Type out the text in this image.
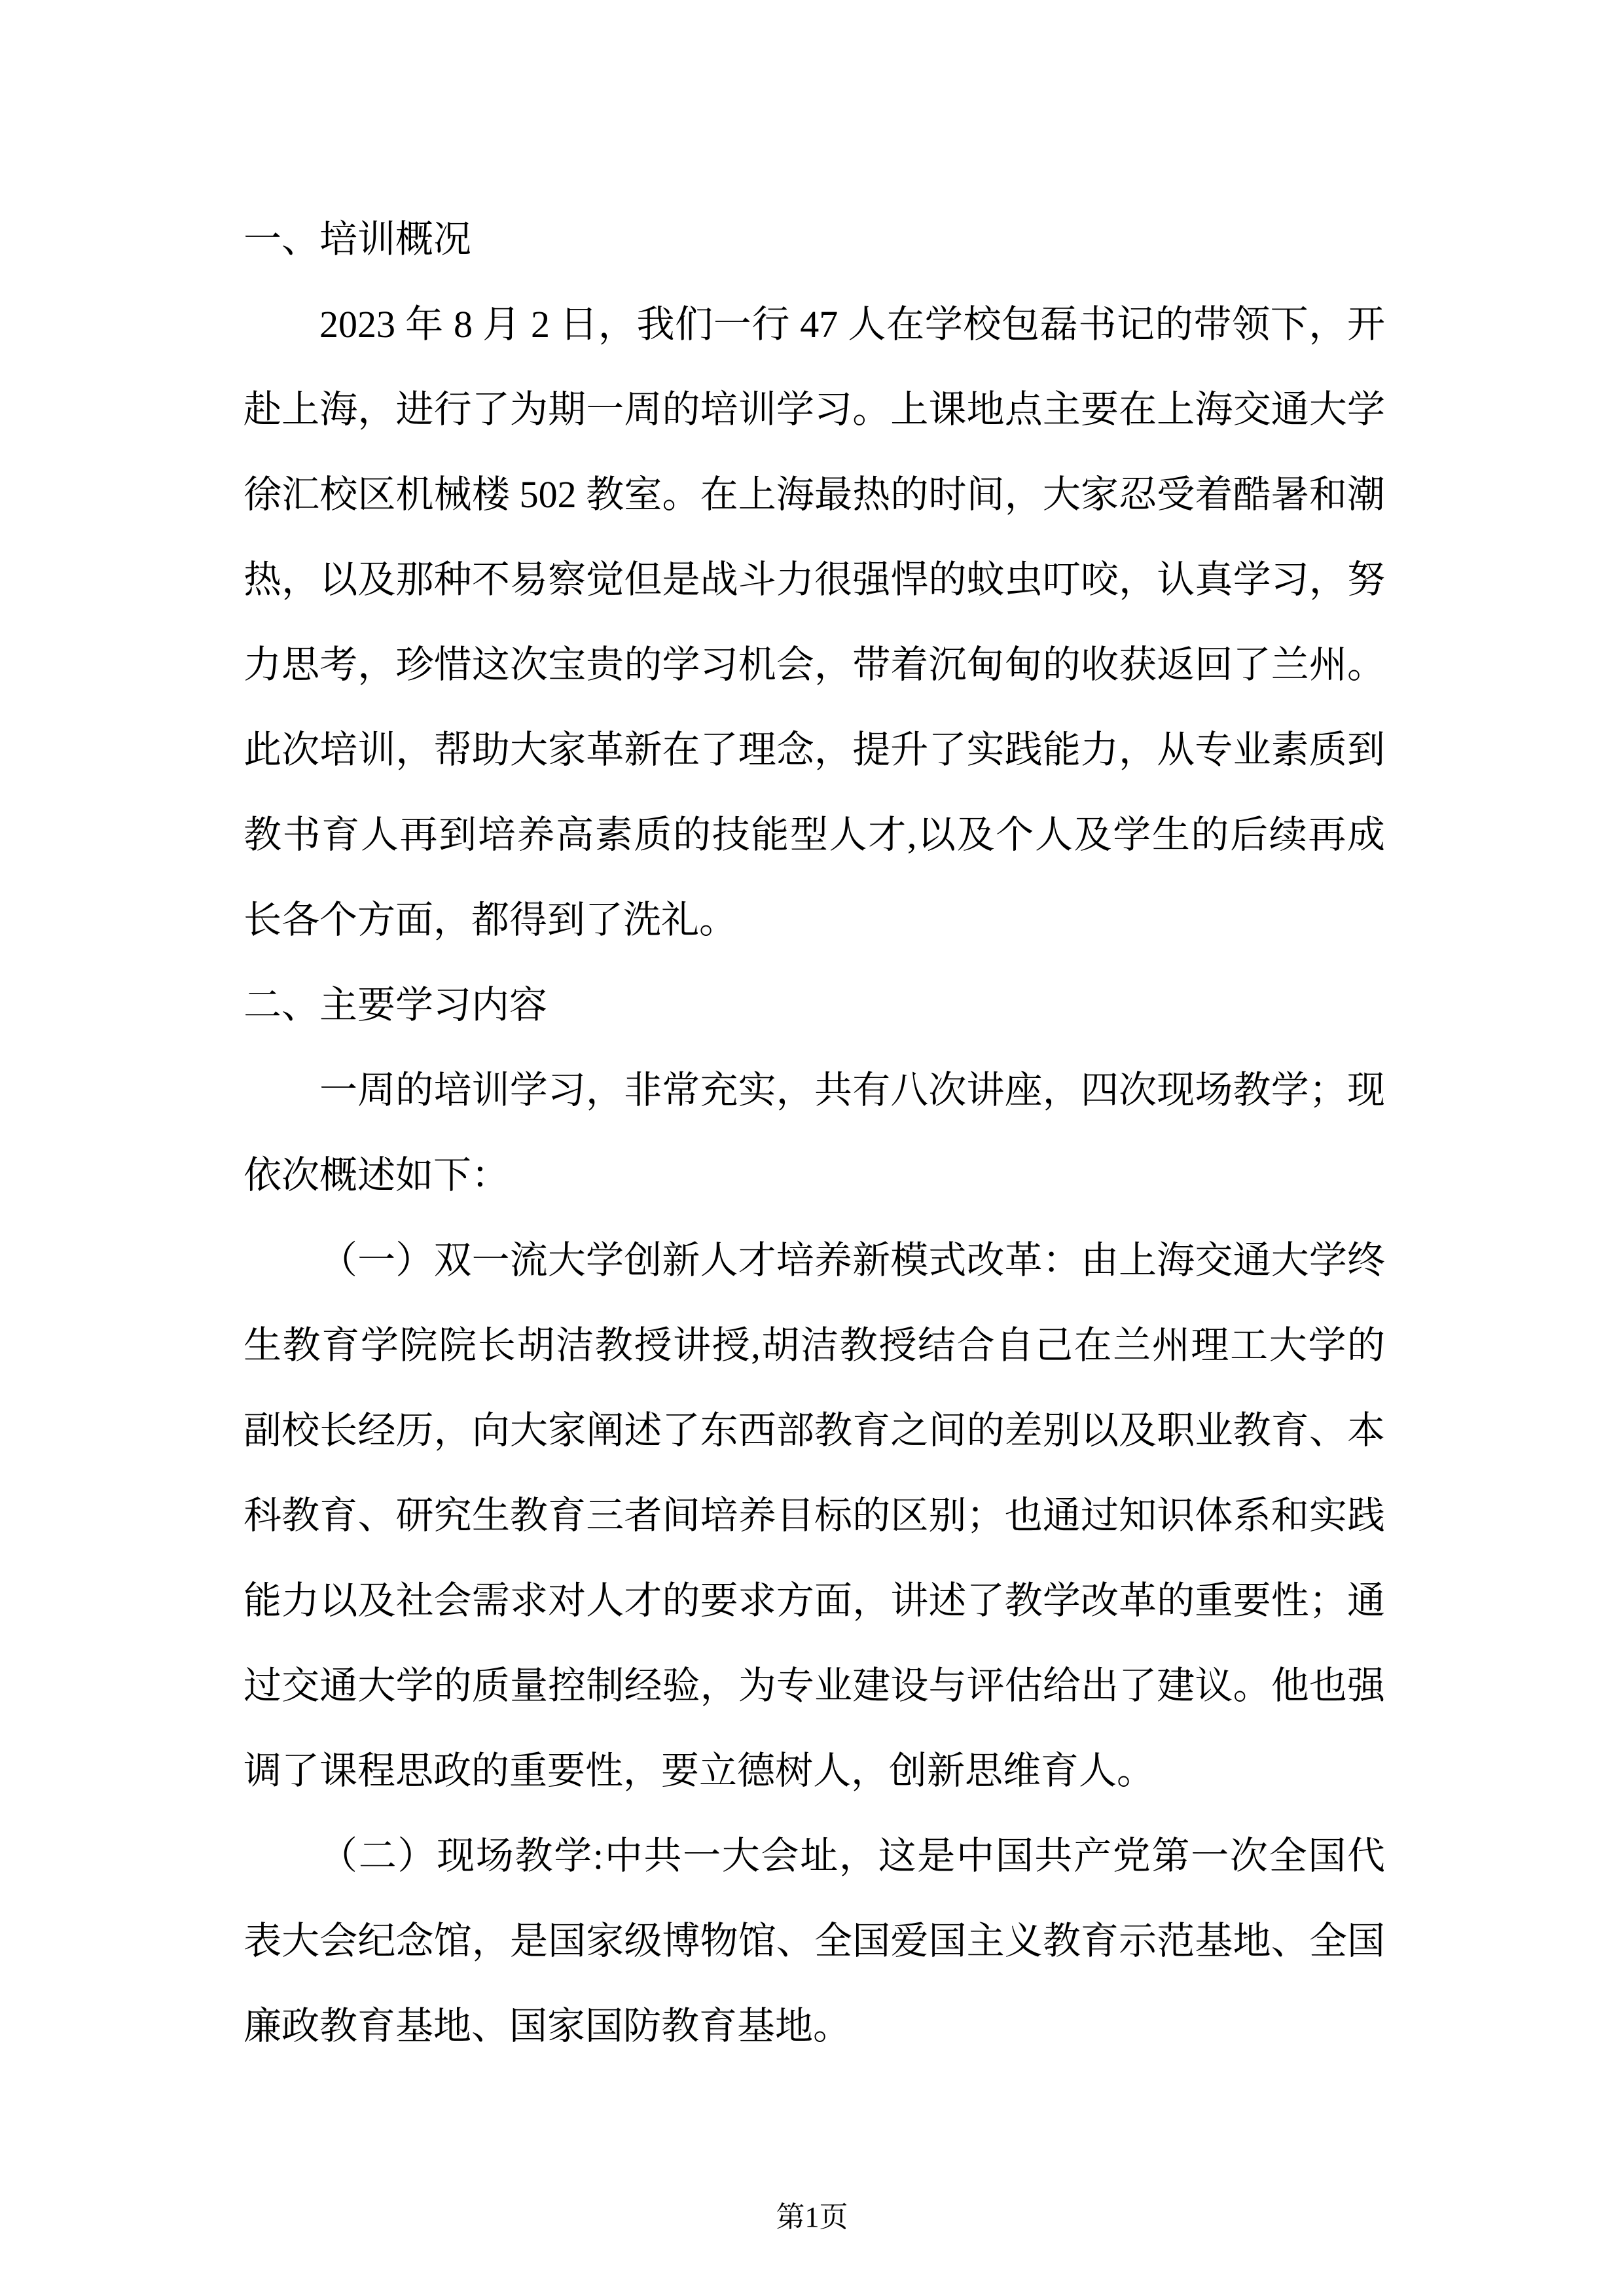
一、培训概况
2023 年 8 月 2 日，我们一行 47 人在学校包磊书记的带领下，开
赴上海，进行了为期一周的培训学习。上课地点主要在上海交通大学
徐汇校区机械楼 502 教室。在上海最热的时间，大家忍受着酷暑和潮
热，以及那种不易察觉但是战斗力很强悍的蚊虫叮咬，认真学习，努
力思考，珍惜这次宝贵的学习机会，带着沉甸甸的收获返回了兰州。
此次培训，帮助大家革新在了理念，提升了实践能力，从专业素质到
教书育人再到培养高素质的技能型人才,以及个人及学生的后续再成
长各个方面，都得到了洗礼。
二、主要学习内容
一周的培训学习，非常充实，共有八次讲座，四次现场教学；现
依次概述如下：
（一）双一流大学创新人才培养新模式改革：由上海交通大学终
生教育学院院长胡洁教授讲授,胡洁教授结合自己在兰州理工大学的
副校长经历，向大家阐述了东西部教育之间的差别以及职业教育、本
科教育、研究生教育三者间培养目标的区别；也通过知识体系和实践
能力以及社会需求对人才的要求方面，讲述了教学改革的重要性；通
过交通大学的质量控制经验，为专业建设与评估给出了建议。他也强
调了课程思政的重要性，要立德树人，创新思维育人。
（二）现场教学:中共一大会址，这是中国共产党第一次全国代
表大会纪念馆，是国家级博物馆、全国爱国主义教育示范基地、全国
廉政教育基地、国家国防教育基地。
第1页
